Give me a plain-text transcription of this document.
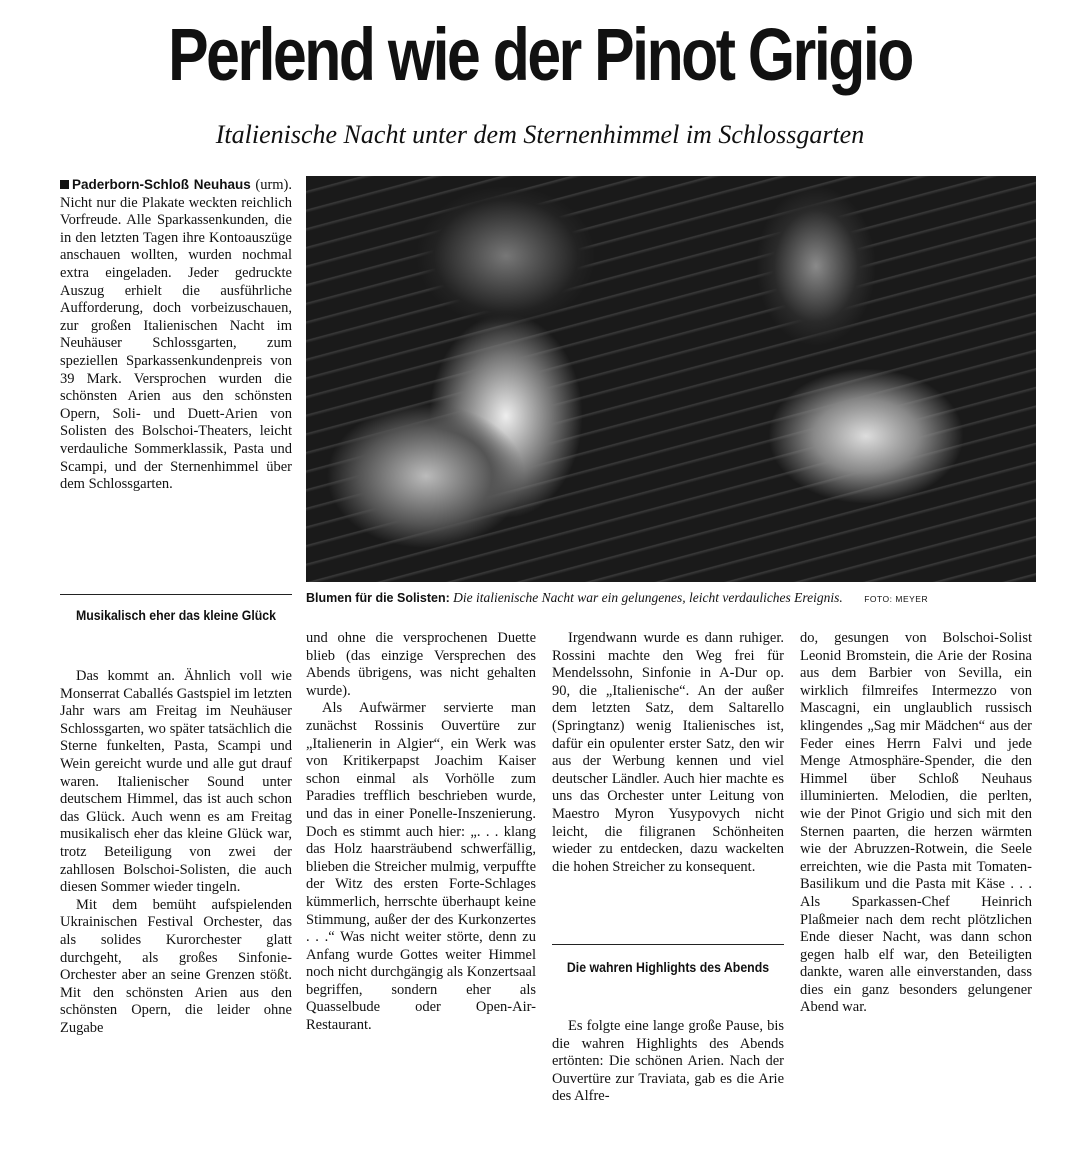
Perlend wie der Pinot Grigio
Italienische Nacht unter dem Sternenhimmel im Schlossgarten

Paderborn-Schloß Neuhaus (urm). Nicht nur die Plakate weckten reichlich Vorfreude. Alle Sparkassenkunden, die in den letzten Tagen ihre Kontoauszüge anschauen wollten, wurden nochmal extra eingeladen. Jeder gedruckte Auszug erhielt die ausführliche Aufforderung, doch vorbeizuschauen, zur großen Italienischen Nacht im Neuhäuser Schlossgarten, zum speziellen Sparkassenkundenpreis von 39 Mark. Versprochen wurden die schönsten Arien aus den schönsten Opern, Soli- und Duett-Arien von Solisten des Bolschoi-Theaters, leicht verdauliche Sommerklassik, Pasta und Scampi, und der Sternenhimmel über dem Schlossgarten.

Musikalisch eher das kleine Glück

Das kommt an. Ähnlich voll wie Monserrat Caballés Gastspiel im letzten Jahr wars am Freitag im Neuhäuser Schlossgarten, wo später tatsächlich die Sterne funkelten, Pasta, Scampi und Wein gereicht wurde und alle gut drauf waren. Italienischer Sound unter deutschem Himmel, das ist auch schon das Glück. Auch wenn es am Freitag musikalisch eher das kleine Glück war, trotz Beteiligung von zwei der zahllosen Bolschoi-Solisten, die auch diesen Sommer wieder tingeln.

Mit dem bemüht aufspielenden Ukrainischen Festival Orchester, das als solides Kurorchester glatt durchgeht, als großes Sinfonie-Orchester aber an seine Grenzen stößt. Mit den schönsten Arien aus den schönsten Opern, die leider ohne Zugabe

Blumen für die Solisten: Die italienische Nacht war ein gelungenes, leicht verdauliches Ereignis.	FOTO: MEYER

und ohne die versprochenen Duette blieb (das einzige Versprechen des Abends übrigens, was nicht gehalten wurde).

Als Aufwärmer servierte man zunächst Rossinis Ouvertüre zur „Italienerin in Algier“, ein Werk was von Kritikerpapst Joachim Kaiser schon einmal als Vorhölle zum Paradies trefflich beschrieben wurde, und das in einer Ponelle-Inszenierung. Doch es stimmt auch hier: „. . . klang das Holz haarsträubend schwerfällig, blieben die Streicher mulmig, verpuffte der Witz des ersten Forte-Schlages kümmerlich, herrschte überhaupt keine Stimmung, außer der des Kurkonzertes . . .“ Was nicht weiter störte, denn zu Anfang wurde Gottes weiter Himmel noch nicht durchgängig als Konzertsaal begriffen, sondern eher als Quasselbude oder Open-Air-Restaurant.

Irgendwann wurde es dann ruhiger. Rossini machte den Weg frei für Mendelssohn, Sinfonie in A-Dur op. 90, die „Italienische“. An der außer dem letzten Satz, dem Saltarello (Springtanz) wenig Italienisches ist, dafür ein opulenter erster Satz, den wir aus der Werbung kennen und viel deutscher Ländler. Auch hier machte es uns das Orchester unter Leitung von Maestro Myron Yusypovych nicht leicht, die filigranen Schönheiten wieder zu entdecken, dazu wackelten die hohen Streicher zu konsequent.

Die wahren Highlights des Abends

Es folgte eine lange große Pause, bis die wahren Highlights des Abends ertönten: Die schönen Arien. Nach der Ouvertüre zur Traviata, gab es die Arie des Alfre-

do, gesungen von Bolschoi-Solist Leonid Bromstein, die Arie der Rosina aus dem Barbier von Sevilla, ein wirklich filmreifes Intermezzo von Mascagni, ein unglaublich russisch klingendes „Sag mir Mädchen“ aus der Feder eines Herrn Falvi und jede Menge Atmosphäre-Spender, die den Himmel über Schloß Neuhaus illuminierten. Melodien, die perlten, wie der Pinot Grigio und sich mit den Sternen paarten, die herzen wärmten wie der Abruzzen-Rotwein, die Seele erreichten, wie die Pasta mit Tomaten-Basilikum und die Pasta mit Käse . . . Als Sparkassen-Chef Heinrich Plaßmeier nach dem recht plötzlichen Ende dieser Nacht, was dann schon gegen halb elf war, den Beteiligten dankte, waren alle einverstanden, dass dies ein ganz besonders gelungener Abend war.
